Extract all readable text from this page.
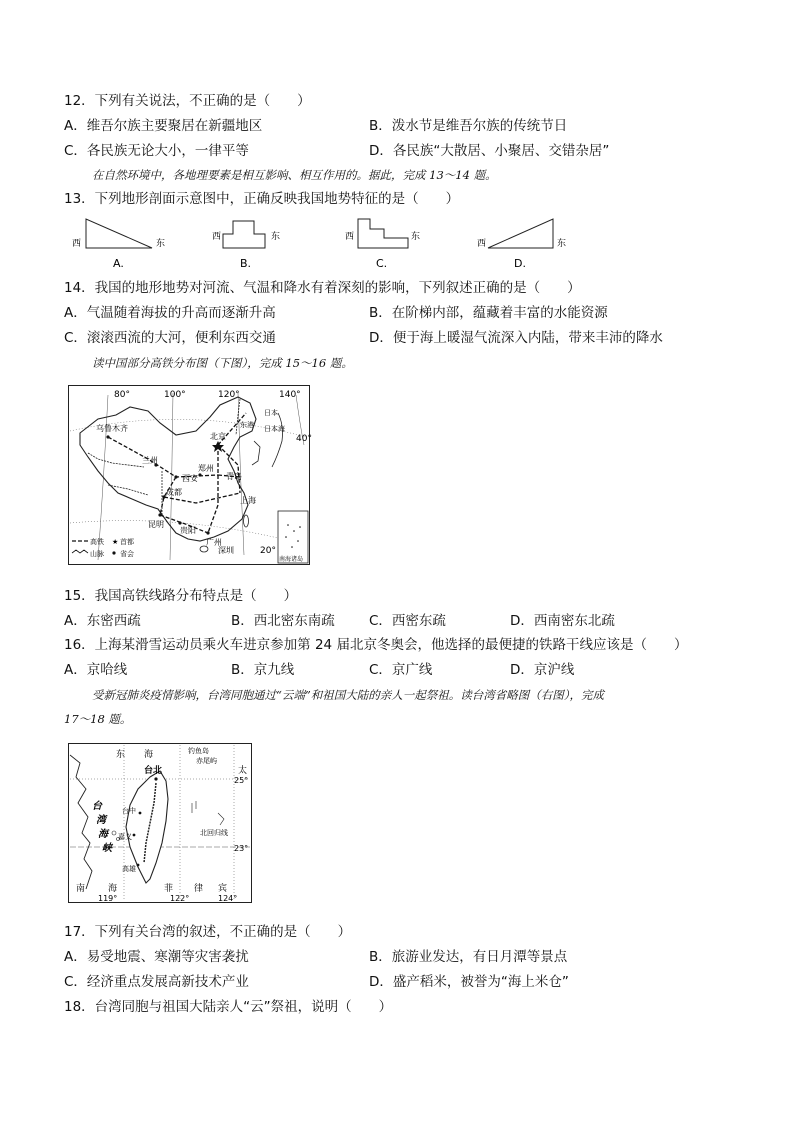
12．下列有关说法，不正确的是（　　）
A．维吾尔族主要聚居在新疆地区	B．泼水节是维吾尔族的传统节日
C．各民族无论大小，一律平等	D．各民族“大散居、小聚居、交错杂居”
在自然环境中，各地理要素是相互影响、相互作用的。据此，完成 13～14 题。
13．下列地形剖面示意图中，正确反映我国地势特征的是（　　）
西	东
A.
西	东
B.
西	东
C.
西	东
D.
14．我国的地形地势对河流、气温和降水有着深刻的影响，下列叙述正确的是（　　）
A．气温随着海拔的升高而逐渐升高	B．在阶梯内部，蕴藏着丰富的水能资源
C．滚滚西流的大河，便利东西交通	D．便于海上暖湿气流深入内陆，带来丰沛的降水
读中国部分高铁分布图（下图），完成 15～16 题。
80°	100°	120°	140°
40°
20°
乌鲁木齐
北京
东港
兰州
郑州
西安
成都
青岛
上海
昆明
贵阳
广州
深圳
日本
日本海
高铁 ★ 首都
山脉 省会
南海诸岛
15．我国高铁线路分布特点是（　　）
A．东密西疏	B．西北密东南疏	C．西密东疏	D．西南密东北疏
16．上海某滑雪运动员乘火车进京参加第 24 届北京冬奥会，他选择的最便捷的铁路干线应该是（　　）
A．京哈线	B．京九线	C．京广线	D．京沪线
受新冠肺炎疫情影响，台湾同胞通过“云端”和祖国大陆的亲人一起祭祖。读台湾省略图（右图），完成
17～18 题。
25°
23°
119°	122°	124°
东 海	钓鱼岛
赤尾屿
台北
台
湾
海
峡
台中
嘉义
高雄
北回归线
南	海	菲 律 宾
太
17．下列有关台湾的叙述，不正确的是（　　）
A．易受地震、寒潮等灾害袭扰	B．旅游业发达，有日月潭等景点
C．经济重点发展高新技术产业	D．盛产稻米，被誉为“海上米仓”
18．台湾同胞与祖国大陆亲人“云”祭祖，说明（　　）
